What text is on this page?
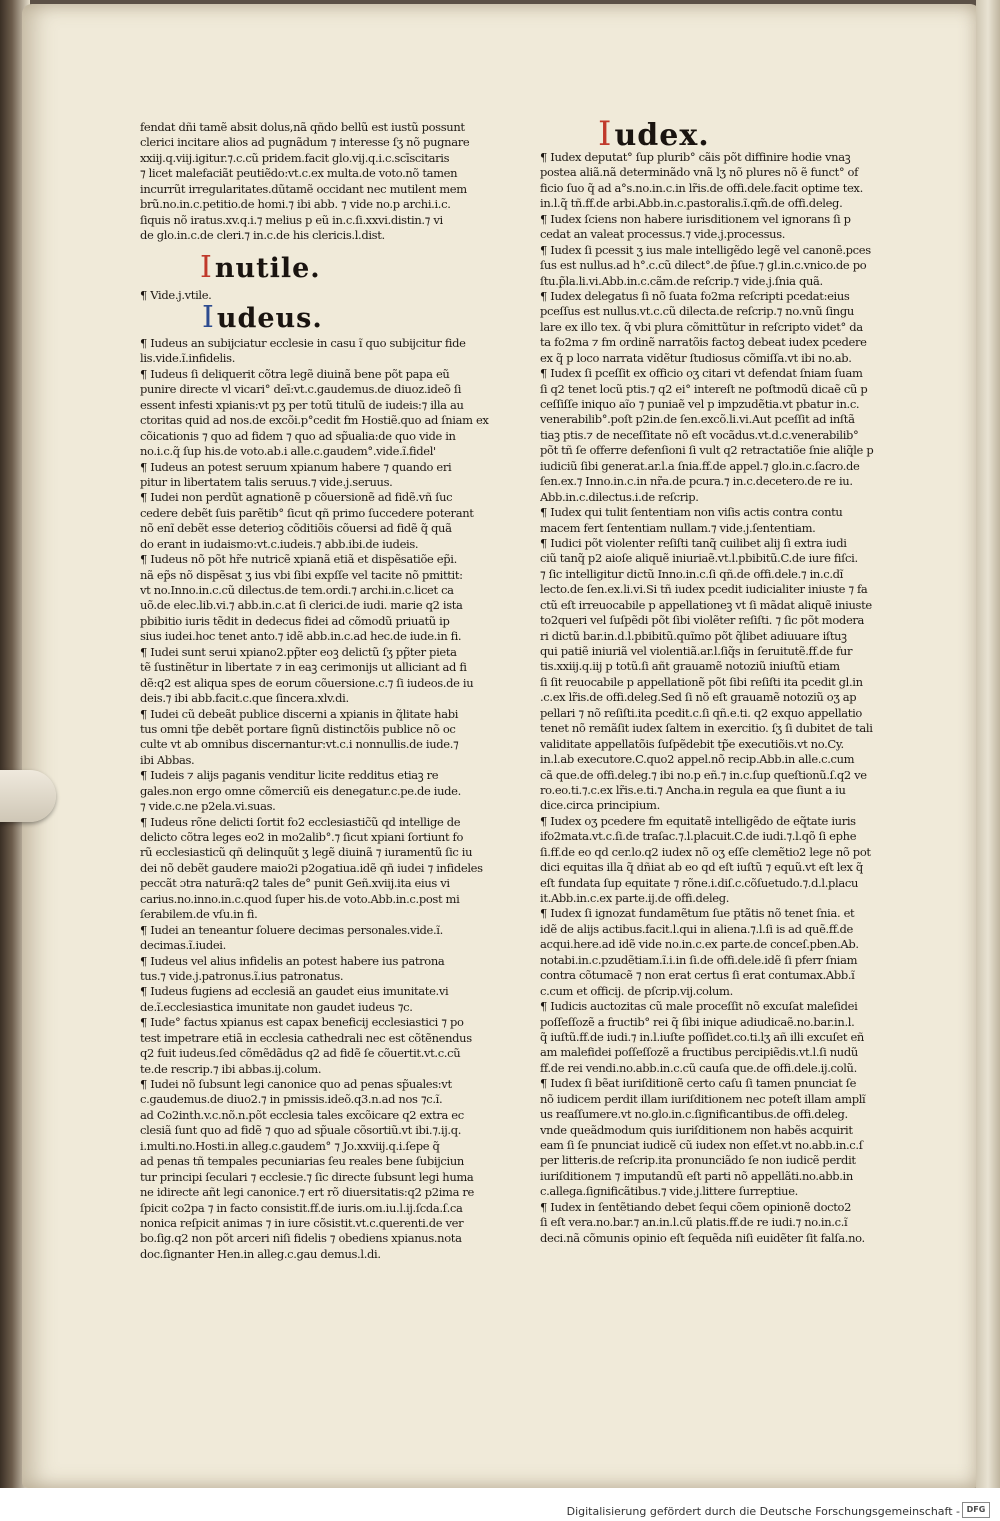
fendat dñi tamẽ absit dolus,nã qñdo bellũ est iustũ possunt
clerici incitare alios ad pugnãdum ⁊ interesse ſʒ nõ pugnare
xxiij.q.viij.igitur.⁊.c.cũ pridem.facit glo.vij.q.i.c.scīscitaris
⁊ licet malefaciãt peutiẽdo:vt.c.ex multa.de voto.nõ tamen
incurrũt irregularitates.dũtamẽ occidant nec mutilent mem
brũ.no.in.c.petitio.de homi.⁊ ibi abb. ⁊ vide no.p archi.i.c.
ſiquis nõ iratus.xv.q.i.⁊ melius p eũ in.c.ſi.xxvi.distin.⁊ vi
de glo.in.c.de cleri.⁊ in.c.de his clericis.l.dist.
Inutile.
¶ Vide.j.vtile.
Iudeus.
¶ Iudeus an subijciatur ecclesie in casu ĩ quo subijcitur fide
lis.vide.ĩ.infidelis.
¶ Iudeus ſi deliquerit cõtra legẽ diuinã bene põt papa eũ
punire directe vl vicari° deī:vt.c.gaudemus.de diuoz.ideõ ſi
essent infesti xpianis:vt pʒ per totũ titulũ de iudeis:⁊ illa au
ctoritas quid ad nos.de excõi.p°cedit fm Hostiẽ.quo ad ſniam ex
cõicationis ⁊ quo ad fidem ⁊ quo ad sp̃ualia:de quo vide in
no.i.c.q̃ ſup his.de voto.ab.i alle.c.gaudem°.vide.ĩ.fidel'
¶ Iudeus an potest seruum xpianum habere ⁊ quando eri
pitur in libertatem talis seruus.⁊ vide.j.seruus.
¶ Iudei non perdũt agnationẽ p cõuersionẽ ad fidẽ.vñ ſuc
cedere debẽt ſuis parẽtib° ſicut qñ primo ſuccedere poterant
nõ enĩ debẽt esse deterioꝫ cõditiõis cõuersi ad fidẽ q̃ quã
do erant in iudaismo:vt.c.iudeis.⁊ abb.ibi.de iudeis.
¶ Iudeus nõ põt hr̃e nutricẽ xpianã etiã et dispẽsatiõe ep̃i.
nã ep̃s nõ dispẽsat ʒ ius vbi ſibi expſſe vel tacite nõ pmittit:
vt no.Inno.in.c.cũ dilectus.de tem.ordi.⁊ archi.in.c.licet ca
uõ.de elec.lib.vi.⁊ abb.in.c.at ſi clerici.de iudi. marie q2 ista
pbibitio iuris tẽdit in dedecus fidei ad cõmodũ priuatũ ip
sius iudei.hoc tenet anto.⁊ idẽ abb.in.c.ad hec.de iude.in fi.
¶ Iudei sunt serui xpiano2.pp̃ter eoꝫ delictũ ſʒ pp̃ter pieta
tẽ ſustinẽtur in libertate ⁊ in eaꝫ cerimonijs ut alliciant ad fi
dẽ:q2 est aliqua spes de eorum cõuersione.c.⁊ ſi iudeos.de iu
deis.⁊ ibi abb.facit.c.que ſincera.xlv.di.
¶ Iudei cũ debeãt publice discerni a xpianis in q̃litate habi
tus omni tp̃e debẽt portare ſignũ distinctõis publice nõ oc
culte vt ab omnibus discernantur:vt.c.i nonnullis.de iude.⁊
ibi Abbas.
¶ Iudeis ⁊ alijs paganis venditur licite redditus etiaꝫ re
gales.non ergo omne cõmerciũ eis denegatur.c.pe.de iude.
⁊ vide.c.ne p2ela.vi.suas.
¶ Iudeus rõne delicti ſortit fo2 ecclesiastic̃ũ qd intellige de
delicto cõtra leges eo2 in mo2alib°.⁊ ſicut xpiani ſortiunt fo
rũ ecclesiasticũ qñ delinquũt ʒ legẽ diuinã ⁊ iuramentũ ſic iu
dei nõ debẽt gaudere maio2i p2ogatiua.idẽ qñ iudei ⁊ infideles
peccãt ɔtra naturã:q2 tales de° punit Geñ.xviij.ita eius vi
carius.no.inno.in.c.quod ſuper his.de voto.Abb.in.c.post mi
ſerabilem.de vſu.in fi.
¶ Iudei an teneantur ſoluere decimas personales.vide.ĩ.
decimas.ĩ.iudei.
¶ Iudeus vel alius infidelis an potest habere ius patrona
tus.⁊ vide.j.patronus.ĩ.ius patronatus.
¶ Iudeus fugiens ad ecclesiã an gaudet eius imunitate.vi
de.ĩ.ecclesiastica imunitate non gaudet iudeus ⁊c.
¶ Iude° factus xpianus est capax beneficij ecclesiastici ⁊ po
test impetrare etiã in ecclesia cathedrali nec est cõtẽnendus
q2 fuit iudeus.ſed cõmẽdãdus q2 ad fidẽ ſe cõuertit.vt.c.cũ
te.de rescrip.⁊ ibi abbas.ij.colum.
¶ Iudei nõ ſubsunt legi canonice quo ad penas sp̃uales:vt
c.gaudemus.de diuo2.⁊ in pmissis.ideõ.q3.n.ad nos ⁊c.ĩ.
ad Co2inth.v.c.nõ.n.põt ecclesia tales excõicare q2 extra ec
clesiã ſunt quo ad fidẽ ⁊ quo ad sp̃uale cõsortiũ.vt ibi.⁊.ij.q.
i.multi.no.Hosti.in alleg.c.gaudem° ⁊ Jo.xxviij.q.i.ſepe q̃
ad penas tñ tempales pecuniarias ſeu reales bene ſubijciun
tur principi ſeculari ⁊ ecclesie.⁊ ſic directe ſubsunt legi huma
ne idirecte añt legi canonice.⁊ ert rõ diuersitatis:q2 p2ima re
ſpicit co2pa ⁊ in facto consistit.ff.de iuris.om.iu.l.ij.ſcda.ſ.ca
nonica reſpicit animas ⁊ in iure cõsistit.vt.c.querenti.de ver
bo.ſig.q2 non põt arceri niſi fidelis ⁊ obediens xpianus.nota
doc.ſignanter Hen.in alleg.c.gau demus.l.di.
Iudex.
¶ Iudex deputat° ſup plurib° cãis põt diffinire hodie vnaꝫ
postea aliã.nã determinãdo vnã lʒ nõ plures nõ ẽ funct° of
ficio ſuo q̃ ad a°s.no.in.c.in lr̃is.de offi.dele.facit optime tex.
in.l.q̃ tñ.ff.de arbi.Abb.in.c.pastoralis.ĩ.qm̃.de offi.deleg.
¶ Iudex ſciens non habere iurisditionem vel ignorans ſi p
cedat an valeat processus.⁊ vide.j.processus.
¶ Iudex ſi pcessit ʒ ius male intelligẽdo legẽ vel canonẽ.pces
ſus est nullus.ad h°.c.cũ dilect°.de p̃ſue.⁊ gl.in.c.vnico.de po
ſtu.p̃la.li.vi.Abb.in.c.cãm.de reſcrip.⁊ vide.j.ſnia quã.
¶ Iudex delegatus ſi nõ ſuata fo2ma reſcripti pcedat:eius
pceſſus est nullus.vt.c.cũ dilecta.de reſcrip.⁊ no.vnũ ſingu
lare ex illo tex. q̃ vbi plura cõmittũtur in reſcripto videt° da
ta fo2ma ⁊ fm ordinẽ narratõis factoꝫ debeat iudex pcedere
ex q̃ p loco narrata vidẽtur ſtudiosus cõmiſſa.vt ibi no.ab.
¶ Iudex ſi pceſſit ex officio oʒ citari vt defendat ſniam ſuam
ſi q2 tenet locũ ptis.⁊ q2 ei° intereſt ne poſtmodũ dicaẽ cũ p
ceſſiſſe iniquo aĩo ⁊ puniaẽ vel p impzudẽtia.vt pbatur in.c.
venerabilib°.poſt p2in.de ſen.excõ.li.vi.Aut pceſſit ad inſtã
tiaꝫ ptis.⁊ de neceſſitate nõ eſt vocãdus.vt.d.c.venerabilib°
põt tñ ſe offerre defenſioni ſi vult q2 retractatiõe ſnie aliq̃le p
iudiciũ ſibi generat.ar.l.a ſnia.ff.de appel.⁊ glo.in.c.ſacro.de
ſen.ex.⁊ Inno.in.c.in nr̃a.de pcura.⁊ in.c.decetero.de re iu.
Abb.in.c.dilectus.i.de reſcrip.
¶ Iudex qui tulit ſententiam non viſis actis contra contu
macem fert ſententiam nullam.⁊ vide.j.ſententiam.
¶ Iudici põt violenter reſiſti tanq̃ cuilibet alij ſi extra iudi
ciũ tanq̃ p2 aioſe aliquẽ iniuriaẽ.vt.l.pbibitũ.C.de iure fiſci.
⁊ ſic intelligitur dictũ Inno.in.c.ſi qñ.de offi.dele.⁊ in.c.dĩ
lecto.de ſen.ex.li.vi.Si tñ iudex pcedit iudicialiter iniuste ⁊ fa
ctũ eſt irreuocabile p appellationeꝫ vt ſi mãdat aliquẽ iniuste
to2queri vel ſuſpẽdi põt ſibi violẽter reſiſti. ⁊ ſic põt modera
ri dictũ bar.in.d.l.pbibitũ.quĩmo põt q̃libet adiuuare iſtuꝫ
qui patiẽ iniuriã vel violentiã.ar.l.ſiq̃s in ſeruitutẽ.ff.de fur
tis.xxiij.q.iij p totũ.ſi añt grauamẽ notoziũ iniuſtũ etiam
ſi ſit reuocabile p appellationẽ põt ſibi reſiſti ita pcedit gl.in
.c.ex lr̃is.de offi.deleg.Sed ſi nõ eſt grauamẽ notoziũ oʒ ap
pellari ⁊ nõ reſiſti.ita pcedit.c.ſi qñ.e.ti. q2 exquo appellatio
tenet nõ remãſit iudex ſaltem in exercitio. ſʒ ſi dubitet de tali
validitate appellatõis ſuſpẽdebit tp̃e executiõis.vt no.Cy.
in.l.ab executore.C.quo2 appel.nõ recip.Abb.in alle.c.cum
cã que.de offi.deleg.⁊ ibi no.p eñ.⁊ in.c.ſup queſtionũ.ſ.q2 ve
ro.eo.ti.⁊.c.ex lr̃is.e.ti.⁊ Ancha.in regula ea que ſiunt a iu
dice.circa principium.
¶ Iudex oʒ pcedere fm equitatẽ intelligẽdo de eq̃tate iuris
ifo2mata.vt.c.ſi.de traſac.⁊.l.placuit.C.de iudi.⁊.l.qõ ſi ephe
ſi.ff.de eo qd cer.lo.q2 iudex nõ oʒ eſſe clemẽtio2 lege nõ pot
dici equitas illa q̃ dñiat ab eo qd eſt iuſtũ ⁊ equũ.vt eſt lex q̃
eſt fundata ſup equitate ⁊ rõne.i.diſ.c.cõſuetudo.⁊.d.l.placu
it.Abb.in.c.ex parte.ij.de offi.deleg.
¶ Iudex ſi ignozat fundamẽtum ſue ptãtis nõ tenet ſnia. et
idẽ de alijs actibus.facit.l.qui in aliena.⁊.l.ſi is ad quẽ.ff.de
acqui.here.ad idẽ vide no.in.c.ex parte.de conceſ.pben.Ab.
notabi.in.c.pzudẽtiam.ĩ.i.in ſi.de offi.dele.idẽ ſi pferr ſniam
contra cõtumacẽ ⁊ non erat certus ſi erat contumax.Abb.ĩ
c.cum et officij. de pſcrip.vij.colum.
¶ Iudicis auctozitas cũ male proceſſit nõ excuſat maleſidei
poſſeſſozẽ a fructib° rei q̃ ſibi inique adiudicaẽ.no.bar.in.l.
q̃ iuſtũ.ff.de iudi.⁊ in.l.iuſte poſſidet.co.ti.lʒ añ illi excuſet eñ
am malefidei poſſeſſozẽ a fructibus percipiẽdis.vt.l.ſi nudũ
ff.de rei vendi.no.abb.in.c.cũ cauſa que.de offi.dele.ij.colũ.
¶ Iudex ſi bẽat iuriſditionẽ certo caſu ſi tamen pnunciat ſe
nõ iudicem perdit illam iuriſditionem nec poteſt illam amplĩ
us reaſſumere.vt no.glo.in.c.ſignificantibus.de offi.deleg.
vnde queãdmodum quis iuriſditionem non habẽs acquirit
eam ſi ſe pnunciat iudicẽ cũ iudex non eſſet.vt no.abb.in.c.ſ
per litteris.de reſcrip.ita pronunciãdo ſe non iudicẽ perdit
iuriſditionem ⁊ imputandũ eſt parti nõ appellãti.no.abb.in
c.allega.ſignificãtibus.⁊ vide.j.littere ſurreptiue.
¶ Iudex in ſentẽtiando debet ſequi cõem opinionẽ docto2
ſi eſt vera.no.bar.⁊ an.in.l.cũ platis.ff.de re iudi.⁊ no.in.c.ĩ
deci.nã cõmunis opinio eſt ſequẽda niſi euidẽter ſit falſa.no.
Digitalisierung gefördert durch die Deutsche Forschungsgemeinschaft - DFG
